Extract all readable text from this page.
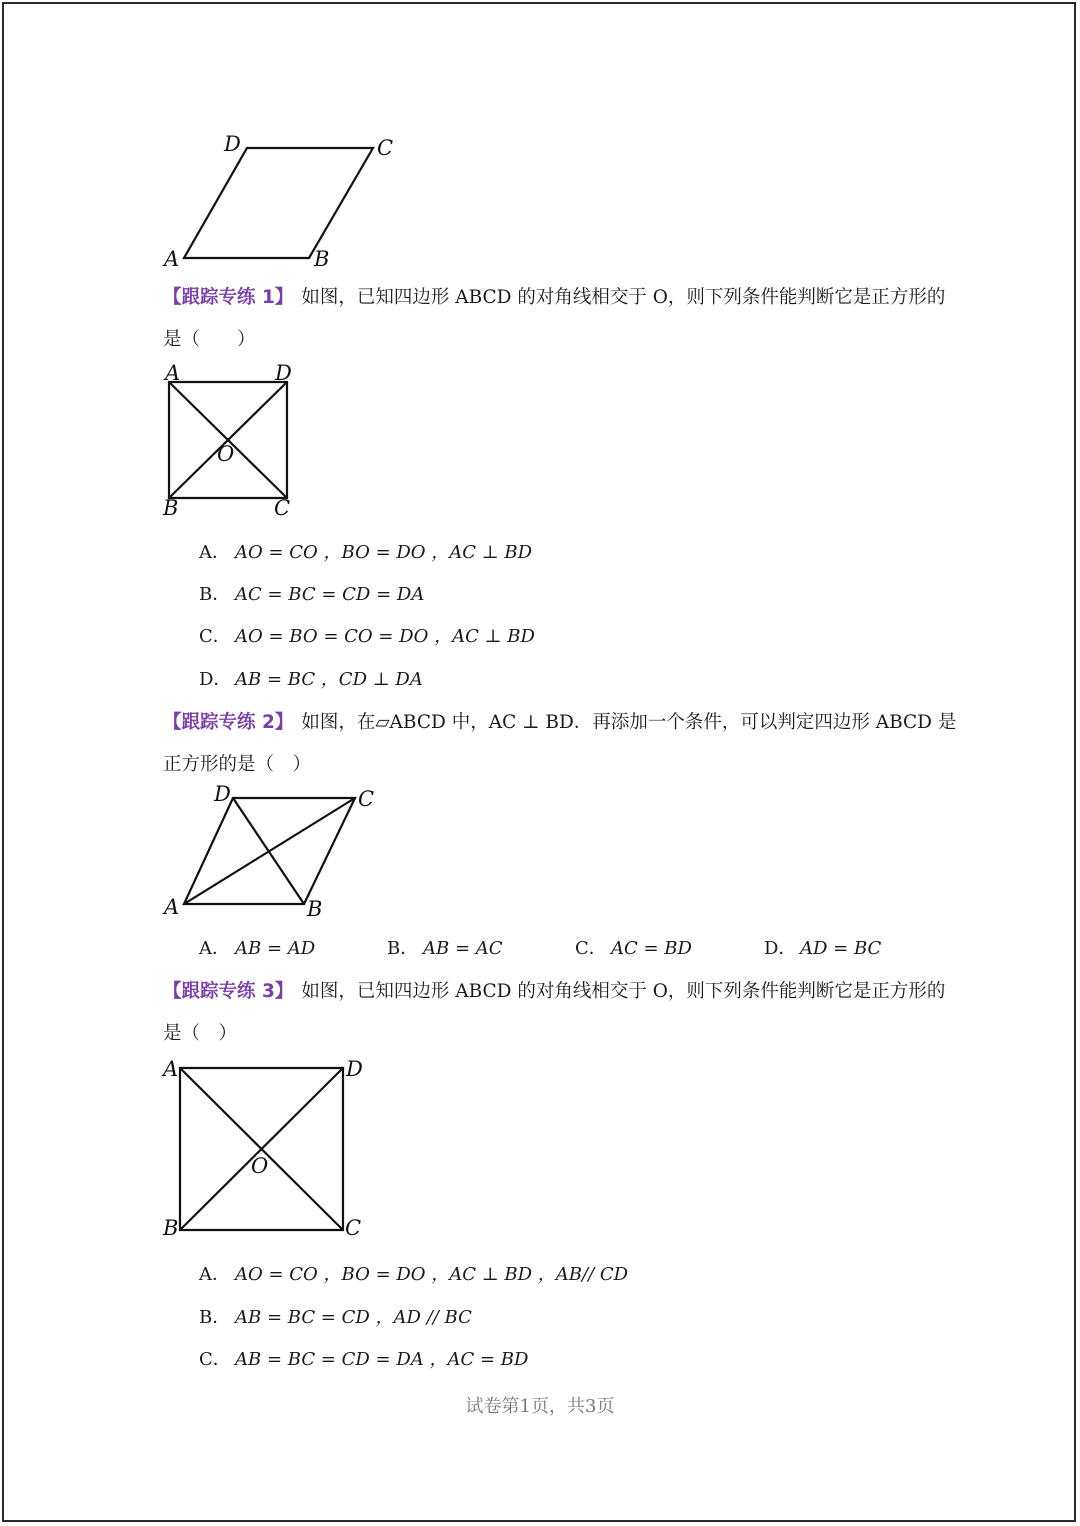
D	C
A	B
【跟踪专练 1】 如图，已知四边形 ABCD 的对角线相交于 O，则下列条件能判断它是正方形的
是（　　）
A	D
O
B	C
A． AO = CO ，BO = DO ，AC ⊥ BD
B． AC = BC = CD = DA
C． AO = BO = CO = DO ，AC ⊥ BD
D． AB = BC ，CD ⊥ DA
【跟踪专练 2】 如图，在▱ABCD 中，AC ⊥ BD．再添加一个条件，可以判定四边形 ABCD 是
正方形的是（　）
D	C
A	B
A． AB = AD	B． AB = AC	C． AC = BD	D． AD = BC
【跟踪专练 3】 如图，已知四边形 ABCD 的对角线相交于 O，则下列条件能判断它是正方形的
是（　）
A	D
O
B	C
A． AO = CO ，BO = DO ，AC ⊥ BD ，AB// CD
B． AB = BC = CD ，AD // BC
C． AB = BC = CD = DA ，AC = BD
试卷第1页，共3页
